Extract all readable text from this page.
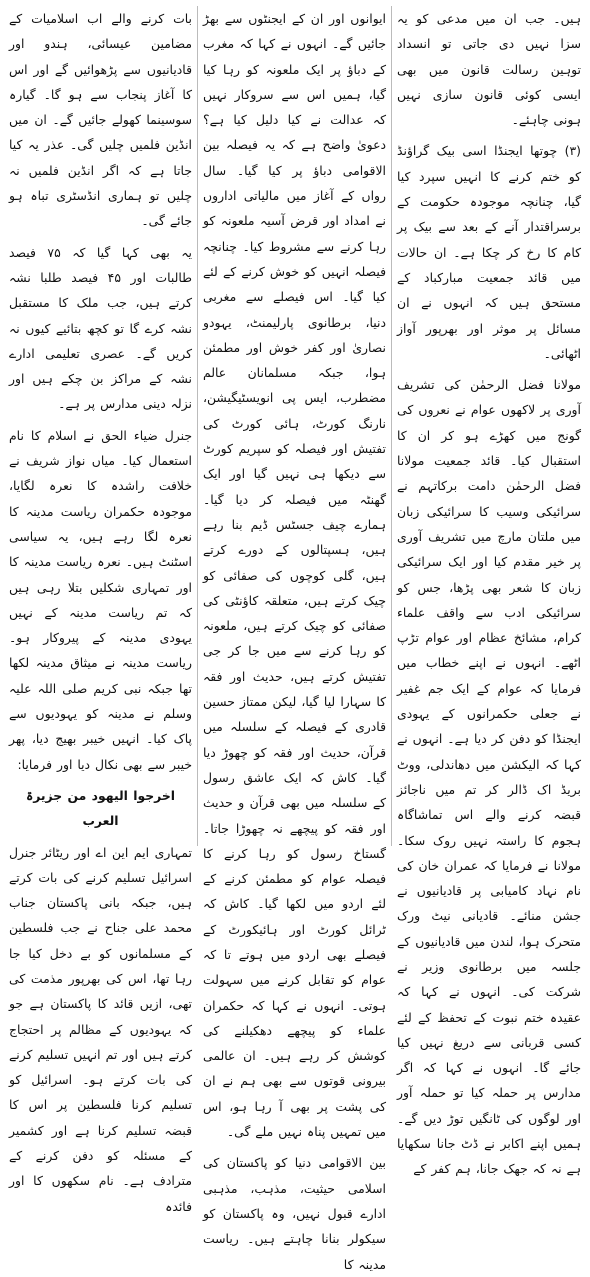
ہیں۔ جب ان میں مدعی کو یہ سزا نہیں دی جاتی تو انسداد توہین رسالت قانون میں بھی ایسی کوئی قانون سازی نہیں ہونی چاہئے۔

(۳) چوتھا ایجنڈا اسی بیک گراؤنڈ کو ختم کرنے کا انہیں سپرد کیا گیا، چنانچہ موجودہ حکومت کے برسراقتدار آنے کے بعد سے بیک پر کام کا رخ کر چکا ہے۔ ان حالات میں قائد جمعیت مبارکباد کے مستحق ہیں کہ انہوں نے ان مسائل پر موثر اور بھرپور آواز اٹھائی۔

مولانا فضل الرحمٰن کی تشریف آوری پر لاکھوں عوام نے نعروں کی گونج میں کھڑے ہو کر ان کا استقبال کیا۔ قائد جمعیت مولانا فضل الرحمٰن دامت برکاتہم نے سرائیکی وسیب کا سرائیکی زبان میں ملتان مارچ میں تشریف آوری پر خیر مقدم کیا اور ایک سرائیکی زبان کا شعر بھی پڑھا، جس کو سرائیکی ادب سے واقف علماء کرام، مشائخ عظام اور عوام تڑپ اٹھے۔ انہوں نے اپنے خطاب میں فرمایا کہ عوام کے ایک جم غفیر نے جعلی حکمرانوں کے یہودی ایجنڈا کو دفن کر دیا ہے۔ انہوں نے کہا کہ الیکشن میں دھاندلی، ووٹ بریڈ اک ڈالر کر تم میں ناجائز قبضہ کرنے والے اس تماشاگاہ ہجوم کا راستہ نہیں روک سکا۔ مولانا نے فرمایا کہ عمران خان کی نام نہاد کامیابی پر قادیانیوں نے جشن منائے۔ قادیانی نیٹ ورک متحرک ہوا، لندن میں قادیانیوں کے جلسہ میں برطانوی وزیر نے شرکت کی۔ انہوں نے کہا کہ عقیدہ ختم نبوت کے تحفظ کے لئے کسی قربانی سے دریغ نہیں کیا جائے گا۔ انہوں نے کہا کہ اگر مدارس پر حملہ کیا تو حملہ آور اور لوگوں کی ٹانگیں توڑ دیں گے۔ ہمیں اپنے اکابر نے ڈٹ جانا سکھایا ہے نہ کہ جھک جانا، ہم کفر کے

ایوانوں اور ان کے ایجنٹوں سے بھڑ جائیں گے۔ انہوں نے کہا کہ مغرب کے دباؤ پر ایک ملعونہ کو رہا کیا گیا، ہمیں اس سے سروکار نہیں کہ عدالت نے کیا دلیل کیا ہے؟ دعویٰ واضح ہے کہ یہ فیصلہ بین الاقوامی دباؤ پر کیا گیا۔ سال رواں کے آغاز میں مالیاتی اداروں نے امداد اور قرض آسیہ ملعونہ کو رہا کرنے سے مشروط کیا۔ چنانچہ فیصلہ انہیں کو خوش کرنے کے لئے کیا گیا۔ اس فیصلے سے مغربی دنیا، برطانوی پارلیمنٹ، یہودو نصاریٰ اور کفر خوش اور مطمئن ہوا، جبکہ مسلمانان عالم مضطرب، ایس پی انویسٹیگیشن، نارنگ کورٹ، ہائی کورٹ کی تفتیش اور فیصلہ کو سپریم کورٹ سے دیکھا ہی نہیں گیا اور ایک گھنٹہ میں فیصلہ کر دیا گیا۔ ہمارے چیف جسٹس ڈیم بنا رہے ہیں، ہسپتالوں کے دورے کرتے ہیں، گلی کوچوں کی صفائی کو چیک کرتے ہیں، متعلقہ کاؤنٹی کی صفائی کو چیک کرتے ہیں، ملعونہ کو رہا کرنے سے میں جا کر جی تفتیش کرتے ہیں، حدیث اور فقہ کا سہارا لیا گیا، لیکن ممتاز حسین قادری کے فیصلہ کے سلسلہ میں قرآن، حدیث اور فقہ کو چھوڑ دیا گیا۔ کاش کہ ایک عاشق رسول کے سلسلہ میں بھی قرآن و حدیث اور فقہ کو پیچھے نہ چھوڑا جاتا۔ گستاخ رسول کو رہا کرنے کا فیصلہ عوام کو مطمئن کرنے کے لئے اردو میں لکھا گیا۔ کاش کہ ٹرائل کورٹ اور ہائیکورٹ کے فیصلے بھی اردو میں ہوتے تا کہ عوام کو تقابل کرنے میں سہولت ہوتی۔ انہوں نے کہا کہ حکمران علماء کو پیچھے دھکیلنے کی کوشش کر رہے ہیں۔ ان عالمی بیرونی قوتوں سے بھی ہم نے ان کی پشت پر بھی آ رہا ہو، اس میں تمہیں پناہ نہیں ملے گی۔

بین الاقوامی دنیا کو پاکستان کی اسلامی حیثیت، مذہب، مذہبی ادارے قبول نہیں، وہ پاکستان کو سیکولر بنانا چاہتے ہیں۔ ریاست مدینہ کا

بات کرنے والے اب اسلامیات کے مضامین عیسائی، ہندو اور قادیانیوں سے پڑھوائیں گے اور اس کا آغاز پنجاب سے ہو گا۔ گیارہ سوسینما کھولے جائیں گے۔ ان میں انڈین فلمیں چلیں گی۔ عذر یہ کیا جاتا ہے کہ اگر انڈین فلمیں نہ چلیں تو ہماری انڈسٹری تباہ ہو جائے گی۔

یہ بھی کہا گیا کہ ۷۵ فیصد طالبات اور ۴۵ فیصد طلبا نشہ کرتے ہیں، جب ملک کا مستقبل نشہ کرے گا تو کچھ بتائیے کیوں نہ کریں گے۔ عصری تعلیمی ادارے نشہ کے مراکز بن چکے ہیں اور نزلہ دینی مدارس پر ہے۔

جنرل ضیاء الحق نے اسلام کا نام استعمال کیا۔ میاں نواز شریف نے خلافت راشدہ کا نعرہ لگایا، موجودہ حکمران ریاست مدینہ کا نعرہ لگا رہے ہیں، یہ سیاسی اسٹنٹ ہیں۔ نعرہ ریاست مدینہ کا اور تمہاری شکلیں بتلا رہی ہیں کہ تم ریاست مدینہ کے نہیں یہودی مدینہ کے پیروکار ہو۔ ریاست مدینہ نے میثاق مدینہ لکھا تھا جبکہ نبی کریم صلی اللہ علیہ وسلم نے مدینہ کو یہودیوں سے پاک کیا۔ انہیں خیبر بھیج دیا، پھر خیبر سے بھی نکال دیا اور فرمایا:

اخرجوا الیھود من جزیرۃ العرب

تمہاری ایم این اے اور ریٹائر جنرل اسرائیل تسلیم کرنے کی بات کرتے ہیں، جبکہ بانی پاکستان جناب محمد علی جناح نے جب فلسطین کے مسلمانوں کو بے دخل کیا جا رہا تھا، اس کی بھرپور مذمت کی تھی، ازیں قائد کا پاکستان ہے جو کہ یہودیوں کے مظالم پر احتجاج کرتے ہیں اور تم انہیں تسلیم کرنے کی بات کرتے ہو۔ اسرائیل کو تسلیم کرنا فلسطین پر اس کا قبضہ تسلیم کرنا ہے اور کشمیر کے مسئلہ کو دفن کرنے کے مترادف ہے۔ نام سکھوں کا اور فائدہ
